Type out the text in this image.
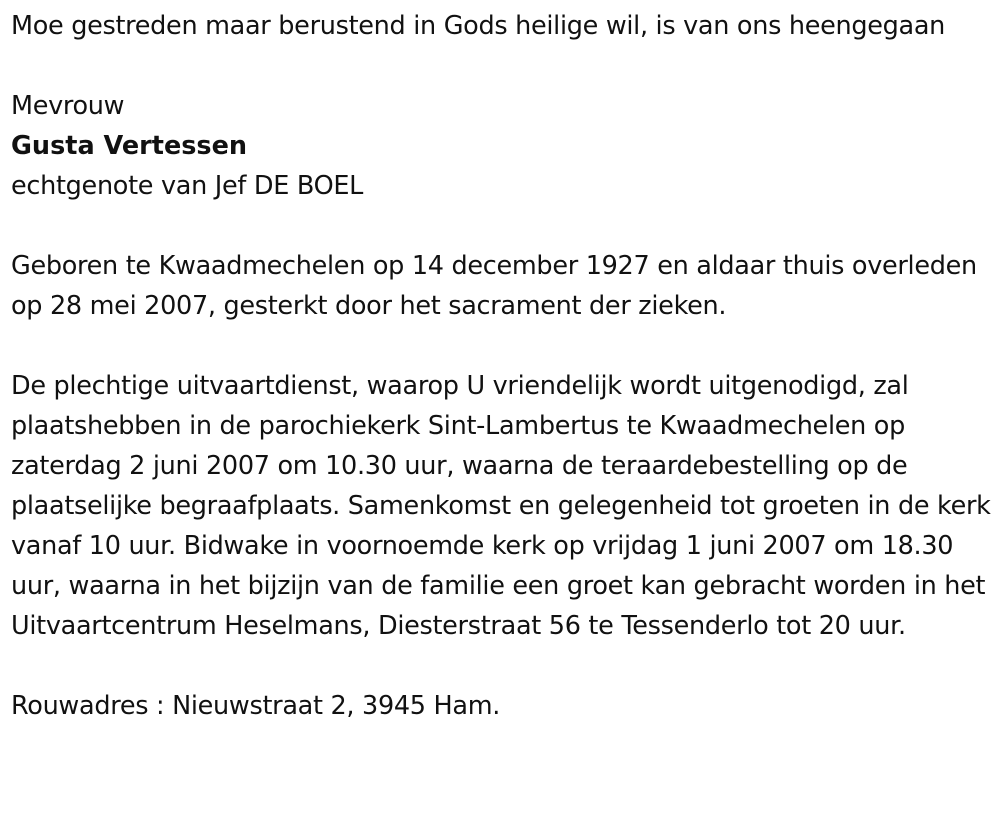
Moe gestreden maar berustend in Gods heilige wil, is van ons heengegaan

Mevrouw

Gusta Vertessen

echtgenote van Jef DE BOEL

Geboren te Kwaadmechelen op 14 december 1927 en aldaar thuis overleden op 28 mei 2007, gesterkt door het sacrament der zieken.

De plechtige uitvaartdienst, waarop U vriendelijk wordt uitgenodigd, zal plaatshebben in de parochiekerk Sint-Lambertus te Kwaadmechelen op zaterdag 2 juni 2007 om 10.30 uur, waarna de teraardebestelling op de plaatselijke begraafplaats. Samenkomst en gelegenheid tot groeten in de kerk vanaf 10 uur. Bidwake in voornoemde kerk op vrijdag 1 juni 2007 om 18.30 uur, waarna in het bijzijn van de familie een groet kan gebracht worden in het Uitvaartcentrum Heselmans, Diesterstraat 56 te Tessenderlo tot 20 uur.

Rouwadres : Nieuwstraat 2, 3945 Ham.
